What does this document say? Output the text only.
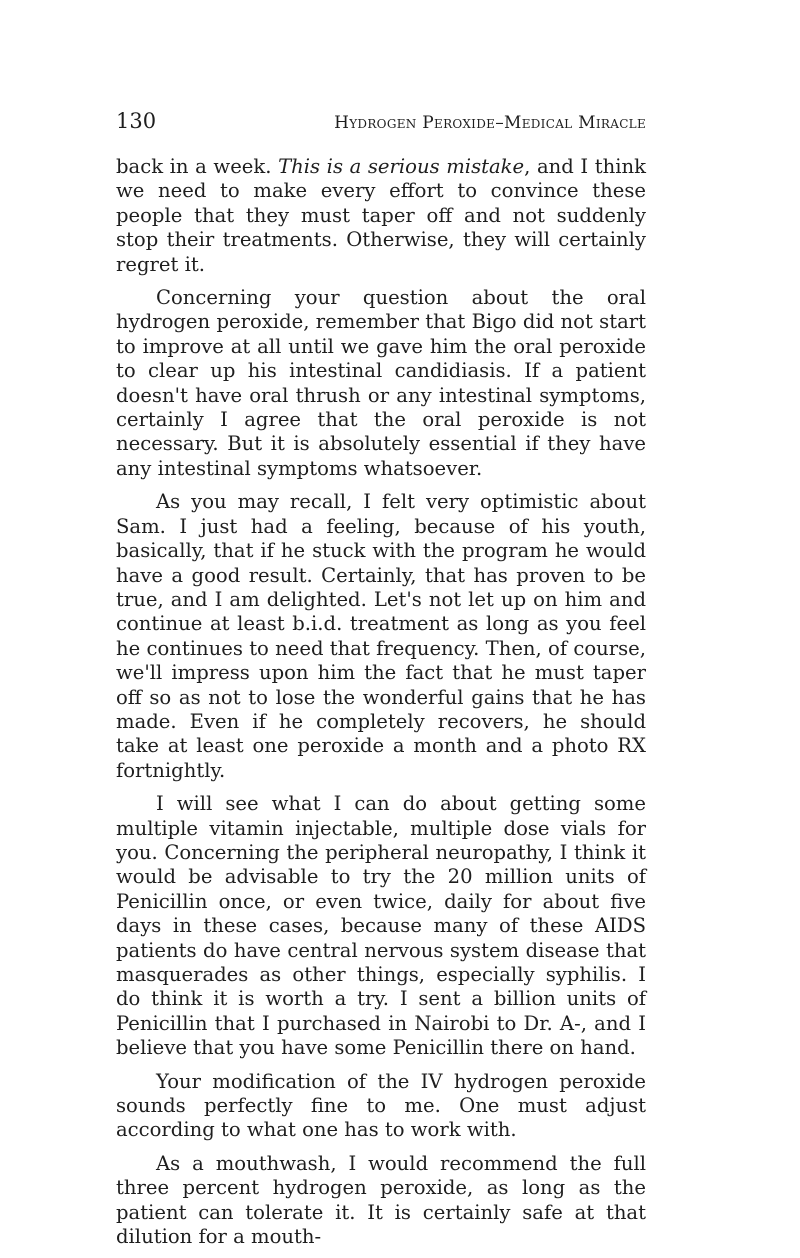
130	Hydrogen Peroxide–Medical Miracle

back in a week. This is a serious mistake, and I think we need to make every effort to convince these people that they must taper off and not suddenly stop their treatments. Otherwise, they will certainly regret it.

Concerning your question about the oral hydrogen peroxide, remember that Bigo did not start to improve at all until we gave him the oral peroxide to clear up his intestinal candidiasis. If a patient doesn't have oral thrush or any intestinal symptoms, certainly I agree that the oral peroxide is not necessary. But it is absolutely essential if they have any intestinal symptoms whatsoever.

As you may recall, I felt very optimistic about Sam. I just had a feeling, because of his youth, basically, that if he stuck with the program he would have a good result. Certainly, that has proven to be true, and I am delighted. Let's not let up on him and continue at least b.i.d. treatment as long as you feel he continues to need that frequency. Then, of course, we'll impress upon him the fact that he must taper off so as not to lose the wonderful gains that he has made. Even if he completely recovers, he should take at least one peroxide a month and a photo RX fortnightly.

I will see what I can do about getting some multiple vitamin injectable, multiple dose vials for you. Concerning the peripheral neuropathy, I think it would be advisable to try the 20 million units of Penicillin once, or even twice, daily for about five days in these cases, because many of these AIDS patients do have central nervous system disease that masquerades as other things, especially syphilis. I do think it is worth a try. I sent a billion units of Penicillin that I purchased in Nairobi to Dr. A-, and I believe that you have some Penicillin there on hand.

Your modification of the IV hydrogen peroxide sounds perfectly fine to me. One must adjust according to what one has to work with.

As a mouthwash, I would recommend the full three percent hydrogen peroxide, as long as the patient can tolerate it. It is certainly safe at that dilution for a mouth-
